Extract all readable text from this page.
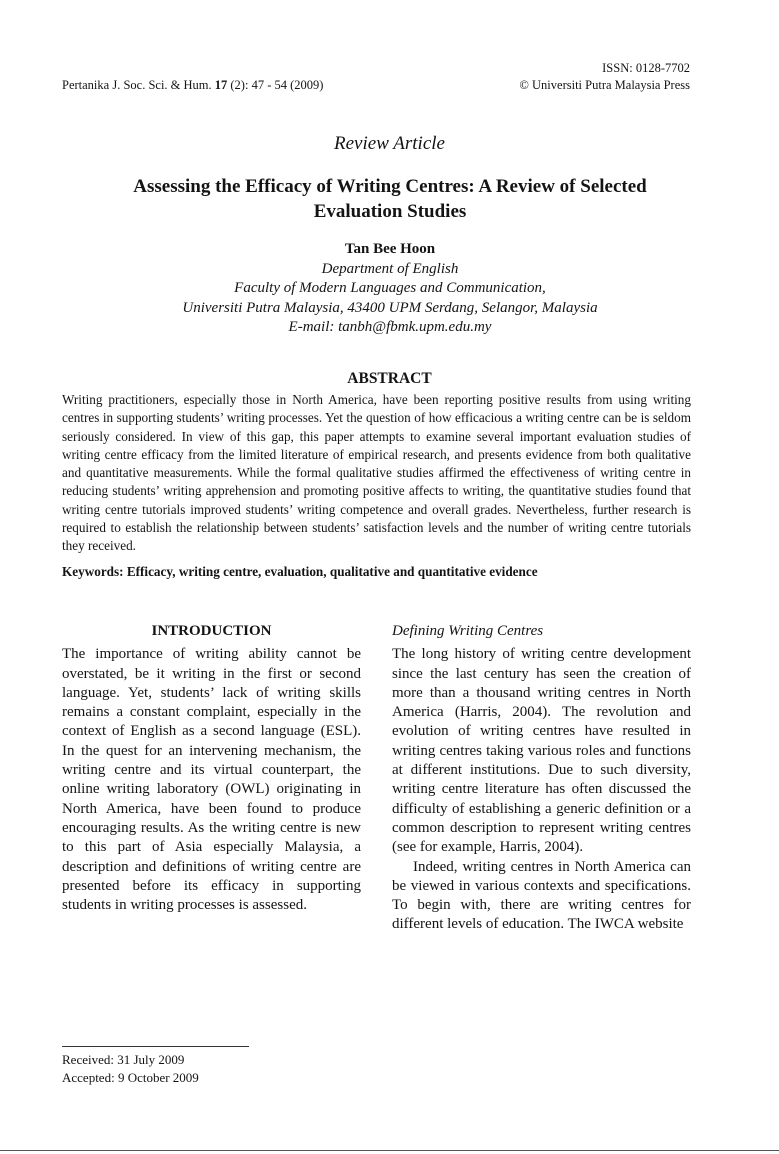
Pertanika J. Soc. Sci. & Hum. 17 (2): 47 - 54 (2009)
ISSN: 0128-7702
© Universiti Putra Malaysia Press
Review Article
Assessing the Efficacy of Writing Centres: A Review of Selected Evaluation Studies
Tan Bee Hoon
Department of English
Faculty of Modern Languages and Communication,
Universiti Putra Malaysia, 43400 UPM Serdang, Selangor, Malaysia
E-mail: tanbh@fbmk.upm.edu.my
ABSTRACT
Writing practitioners, especially those in North America, have been reporting positive results from using writing centres in supporting students’ writing processes. Yet the question of how efficacious a writing centre can be is seldom seriously considered. In view of this gap, this paper attempts to examine several important evaluation studies of writing centre efficacy from the limited literature of empirical research, and presents evidence from both qualitative and quantitative measurements. While the formal qualitative studies affirmed the effectiveness of writing centre in reducing students’ writing apprehension and promoting positive affects to writing, the quantitative studies found that writing centre tutorials improved students’ writing competence and overall grades. Nevertheless, further research is required to establish the relationship between students’ satisfaction levels and the number of writing centre tutorials they received.
Keywords: Efficacy, writing centre, evaluation, qualitative and quantitative evidence
INTRODUCTION

The importance of writing ability cannot be overstated, be it writing in the first or second language. Yet, students’ lack of writing skills remains a constant complaint, especially in the context of English as a second language (ESL). In the quest for an intervening mechanism, the writing centre and its virtual counterpart, the online writing laboratory (OWL) originating in North America, have been found to produce encouraging results. As the writing centre is new to this part of Asia especially Malaysia, a description and definitions of writing centre are presented before its efficacy in supporting students in writing processes is assessed.

Defining Writing Centres

The long history of writing centre development since the last century has seen the creation of more than a thousand writing centres in North America (Harris, 2004). The revolution and evolution of writing centres have resulted in writing centres taking various roles and functions at different institutions. Due to such diversity, writing centre literature has often discussed the difficulty of establishing a generic definition or a common description to represent writing centres (see for example, Harris, 2004).

Indeed, writing centres in North America can be viewed in various contexts and specifications. To begin with, there are writing centres for different levels of education. The IWCA website

Received: 31 July 2009
Accepted: 9 October 2009
